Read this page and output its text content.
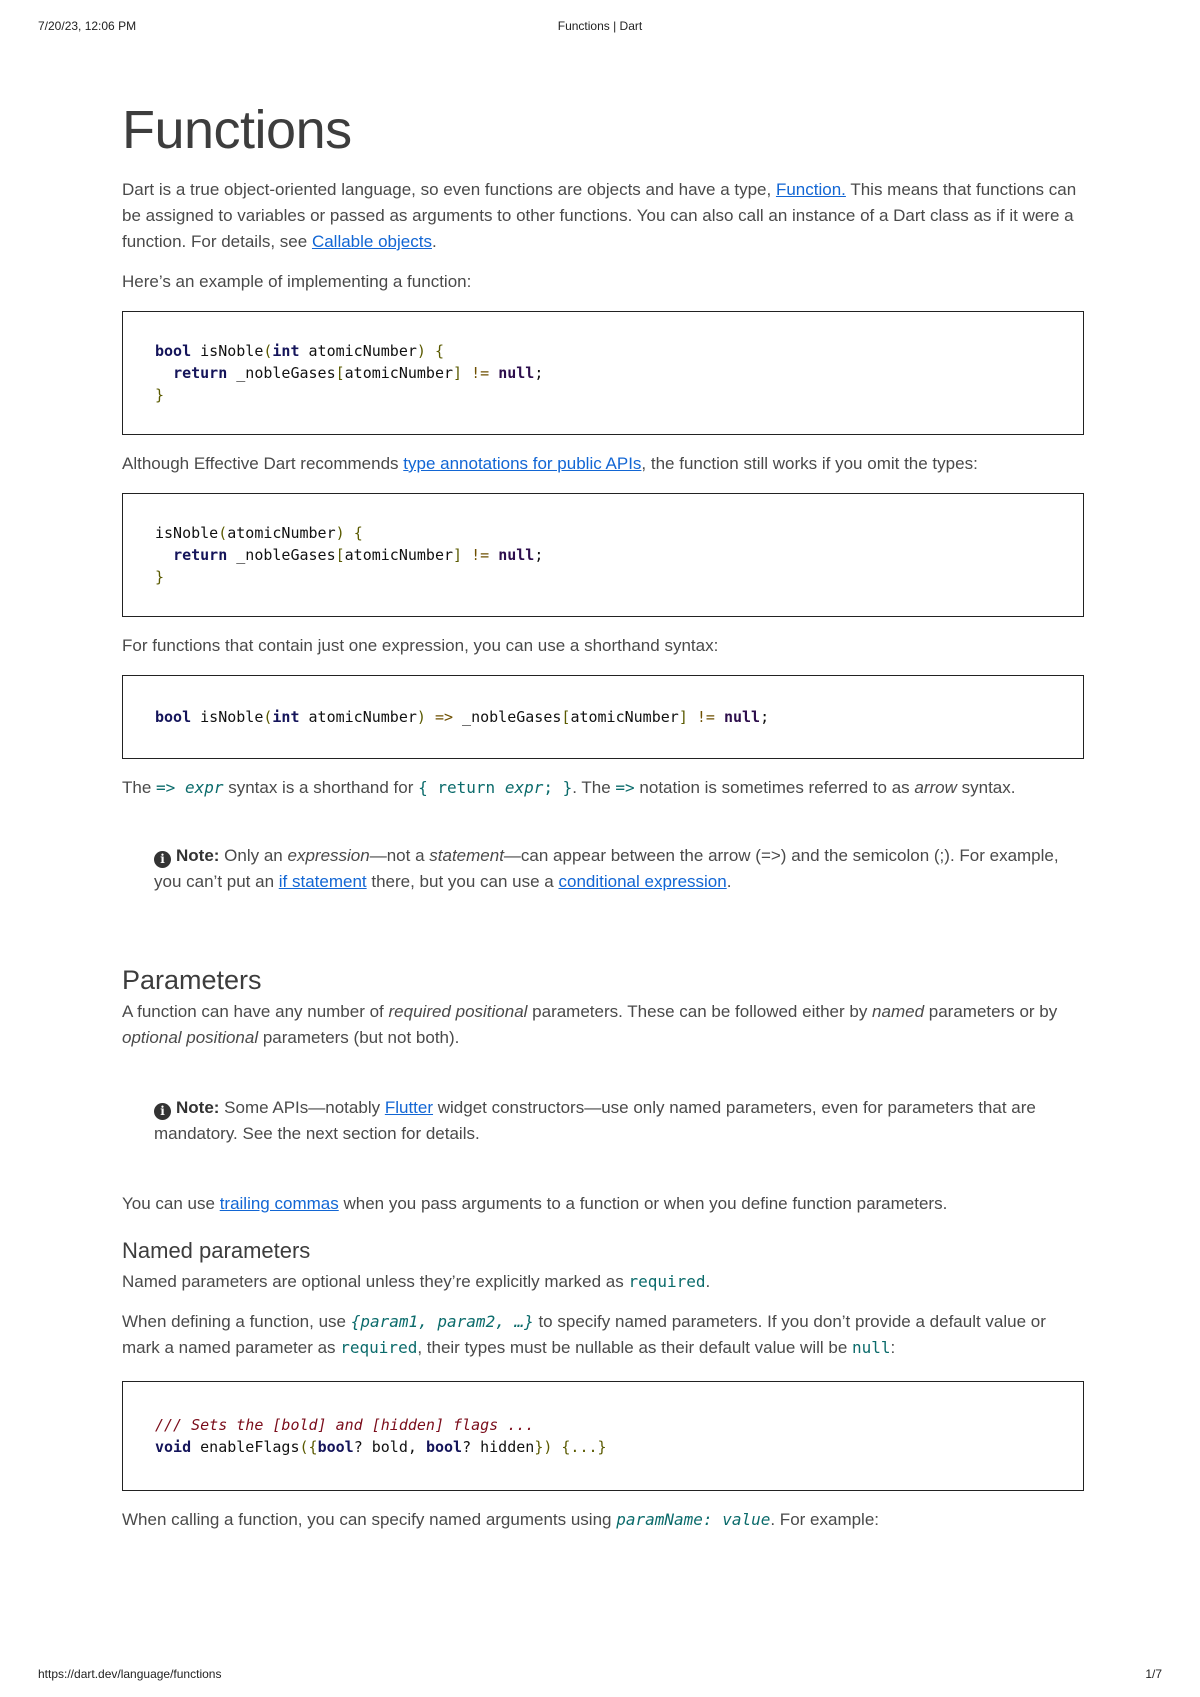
7/20/23, 12:06 PM	Functions | Dart
Functions

Dart is a true object-oriented language, so even functions are objects and have a type, Function. This means that functions can be assigned to variables or passed as arguments to other functions. You can also call an instance of a Dart class as if it were a function. For details, see Callable objects.

Here’s an example of implementing a function:

bool isNoble(int atomicNumber) {
return _nobleGases[atomicNumber] != null;
}

Although Effective Dart recommends type annotations for public APIs, the function still works if you omit the types:

isNoble(atomicNumber) {
return _nobleGases[atomicNumber] != null;
}

For functions that contain just one expression, you can use a shorthand syntax:

bool isNoble(int atomicNumber) => _nobleGases[atomicNumber] != null;

The => expr syntax is a shorthand for { return expr; }. The => notation is sometimes referred to as arrow syntax.

i Note: Only an expression—not a statement—can appear between the arrow (=>) and the semicolon (;). For example, you can’t put an if statement there, but you can use a conditional expression.
Parameters

A function can have any number of required positional parameters. These can be followed either by named parameters or by optional positional parameters (but not both).

i Note: Some APIs—notably Flutter widget constructors—use only named parameters, even for parameters that are mandatory. See the next section for details.

You can use trailing commas when you pass arguments to a function or when you define function parameters.

Named parameters

Named parameters are optional unless they’re explicitly marked as required.

When defining a function, use {param1, param2, …} to specify named parameters. If you don’t provide a default value or mark a named parameter as required, their types must be nullable as their default value will be null:

/// Sets the [bold] and [hidden] flags ...
void enableFlags({bool? bold, bool? hidden}) {...}

When calling a function, you can specify named arguments using paramName: value. For example:

https://dart.dev/language/functions	1/7
